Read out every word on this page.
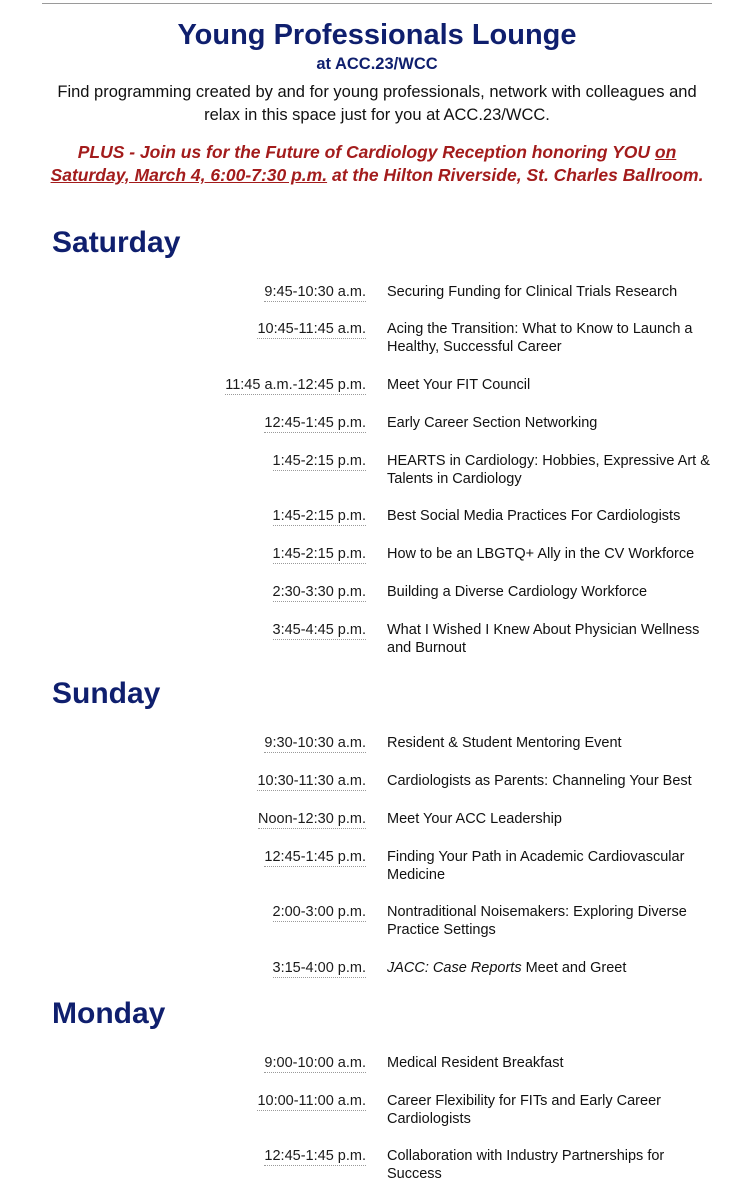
Young Professionals Lounge
at ACC.23/WCC
Find programming created by and for young professionals, network with colleagues and relax in this space just for you at ACC.23/WCC.
PLUS - Join us for the Future of Cardiology Reception honoring YOU on Saturday, March 4, 6:00-7:30 p.m. at the Hilton Riverside, St. Charles Ballroom.
Saturday
9:45-10:30 a.m. Securing Funding for Clinical Trials Research
10:45-11:45 a.m. Acing the Transition: What to Know to Launch a Healthy, Successful Career
11:45 a.m.-12:45 p.m. Meet Your FIT Council
12:45-1:45 p.m. Early Career Section Networking
1:45-2:15 p.m. HEARTS in Cardiology: Hobbies, Expressive Art & Talents in Cardiology
1:45-2:15 p.m. Best Social Media Practices For Cardiologists
1:45-2:15 p.m. How to be an LBGTQ+ Ally in the CV Workforce
2:30-3:30 p.m. Building a Diverse Cardiology Workforce
3:45-4:45 p.m. What I Wished I Knew About Physician Wellness and Burnout
Sunday
9:30-10:30 a.m. Resident & Student Mentoring Event
10:30-11:30 a.m. Cardiologists as Parents: Channeling Your Best
Noon-12:30 p.m. Meet Your ACC Leadership
12:45-1:45 p.m. Finding Your Path in Academic Cardiovascular Medicine
2:00-3:00 p.m. Nontraditional Noisemakers: Exploring Diverse Practice Settings
3:15-4:00 p.m. JACC: Case Reports Meet and Greet
Monday
9:00-10:00 a.m. Medical Resident Breakfast
10:00-11:00 a.m. Career Flexibility for FITs and Early Career Cardiologists
12:45-1:45 p.m. Collaboration with Industry Partnerships for Success
